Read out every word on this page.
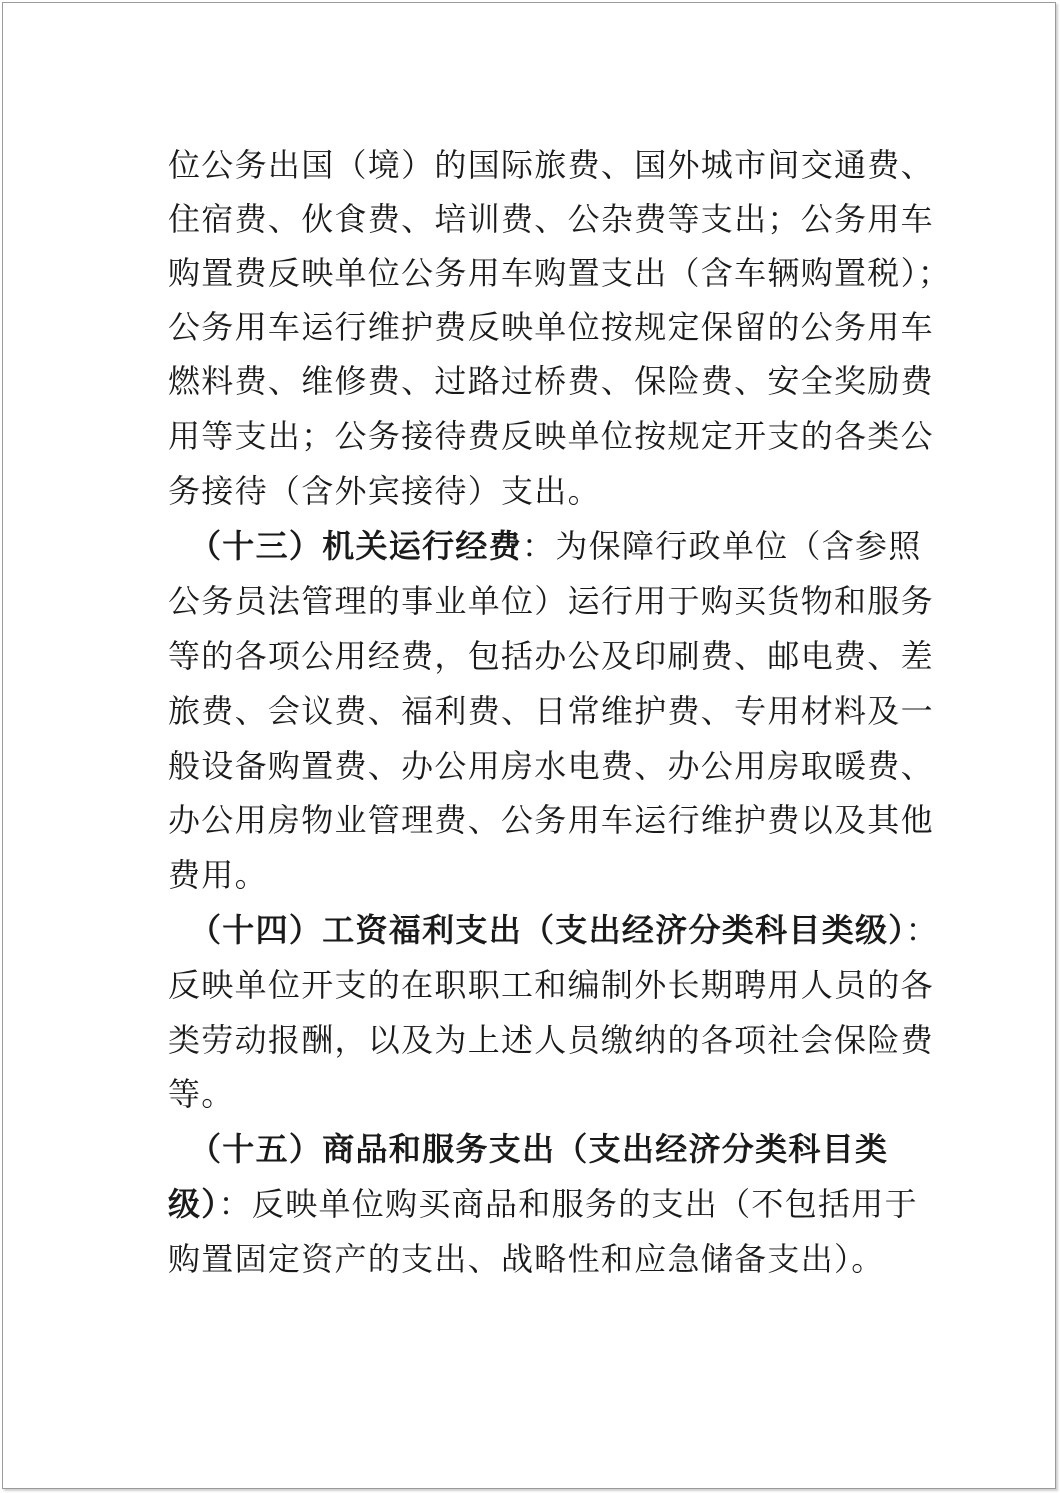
位公务出国（境）的国际旅费、国外城市间交通费、
住宿费、伙食费、培训费、公杂费等支出；公务用车
购置费反映单位公务用车购置支出（含车辆购置税）；
公务用车运行维护费反映单位按规定保留的公务用车
燃料费、维修费、过路过桥费、保险费、安全奖励费
用等支出；公务接待费反映单位按规定开支的各类公
务接待（含外宾接待）支出。
（十三）机关运行经费：为保障行政单位（含参照
公务员法管理的事业单位）运行用于购买货物和服务
等的各项公用经费，包括办公及印刷费、邮电费、差
旅费、会议费、福利费、日常维护费、专用材料及一
般设备购置费、办公用房水电费、办公用房取暖费、
办公用房物业管理费、公务用车运行维护费以及其他
费用。
（十四）工资福利支出（支出经济分类科目类级）：
反映单位开支的在职职工和编制外长期聘用人员的各
类劳动报酬，以及为上述人员缴纳的各项社会保险费
等。
（十五）商品和服务支出（支出经济分类科目类
级）：反映单位购买商品和服务的支出（不包括用于
购置固定资产的支出、战略性和应急储备支出）。
